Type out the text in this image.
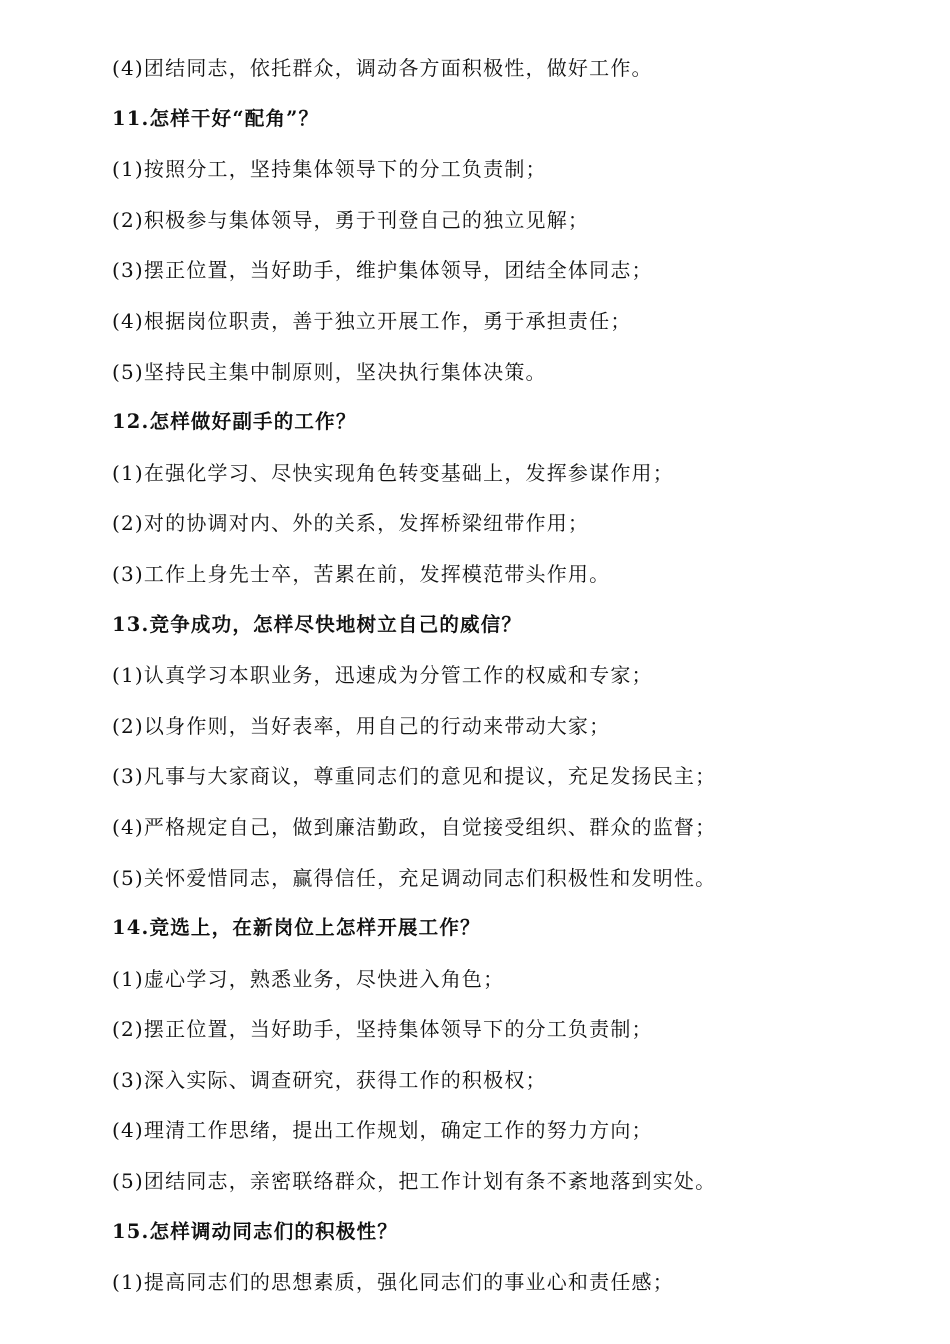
(4)团结同志，依托群众，调动各方面积极性，做好工作。
11.怎样干好“配角”？
(1)按照分工，坚持集体领导下的分工负责制；
(2)积极参与集体领导，勇于刊登自己的独立见解；
(3)摆正位置，当好助手，维护集体领导，团结全体同志；
(4)根据岗位职责，善于独立开展工作，勇于承担责任；
(5)坚持民主集中制原则，坚决执行集体决策。
12.怎样做好副手的工作？
(1)在强化学习、尽快实现角色转变基础上，发挥参谋作用；
(2)对的协调对内、外的关系，发挥桥梁纽带作用；
(3)工作上身先士卒，苦累在前，发挥模范带头作用。
13.竞争成功，怎样尽快地树立自己的威信？
(1)认真学习本职业务，迅速成为分管工作的权威和专家；
(2)以身作则，当好表率，用自己的行动来带动大家；
(3)凡事与大家商议，尊重同志们的意见和提议，充足发扬民主；
(4)严格规定自己，做到廉洁勤政，自觉接受组织、群众的监督；
(5)关怀爱惜同志，赢得信任，充足调动同志们积极性和发明性。
14.竞选上，在新岗位上怎样开展工作？
(1)虚心学习，熟悉业务，尽快进入角色；
(2)摆正位置，当好助手，坚持集体领导下的分工负责制；
(3)深入实际、调查研究，获得工作的积极权；
(4)理清工作思绪，提出工作规划，确定工作的努力方向；
(5)团结同志，亲密联络群众，把工作计划有条不紊地落到实处。
15.怎样调动同志们的积极性？
(1)提高同志们的思想素质，强化同志们的事业心和责任感；
